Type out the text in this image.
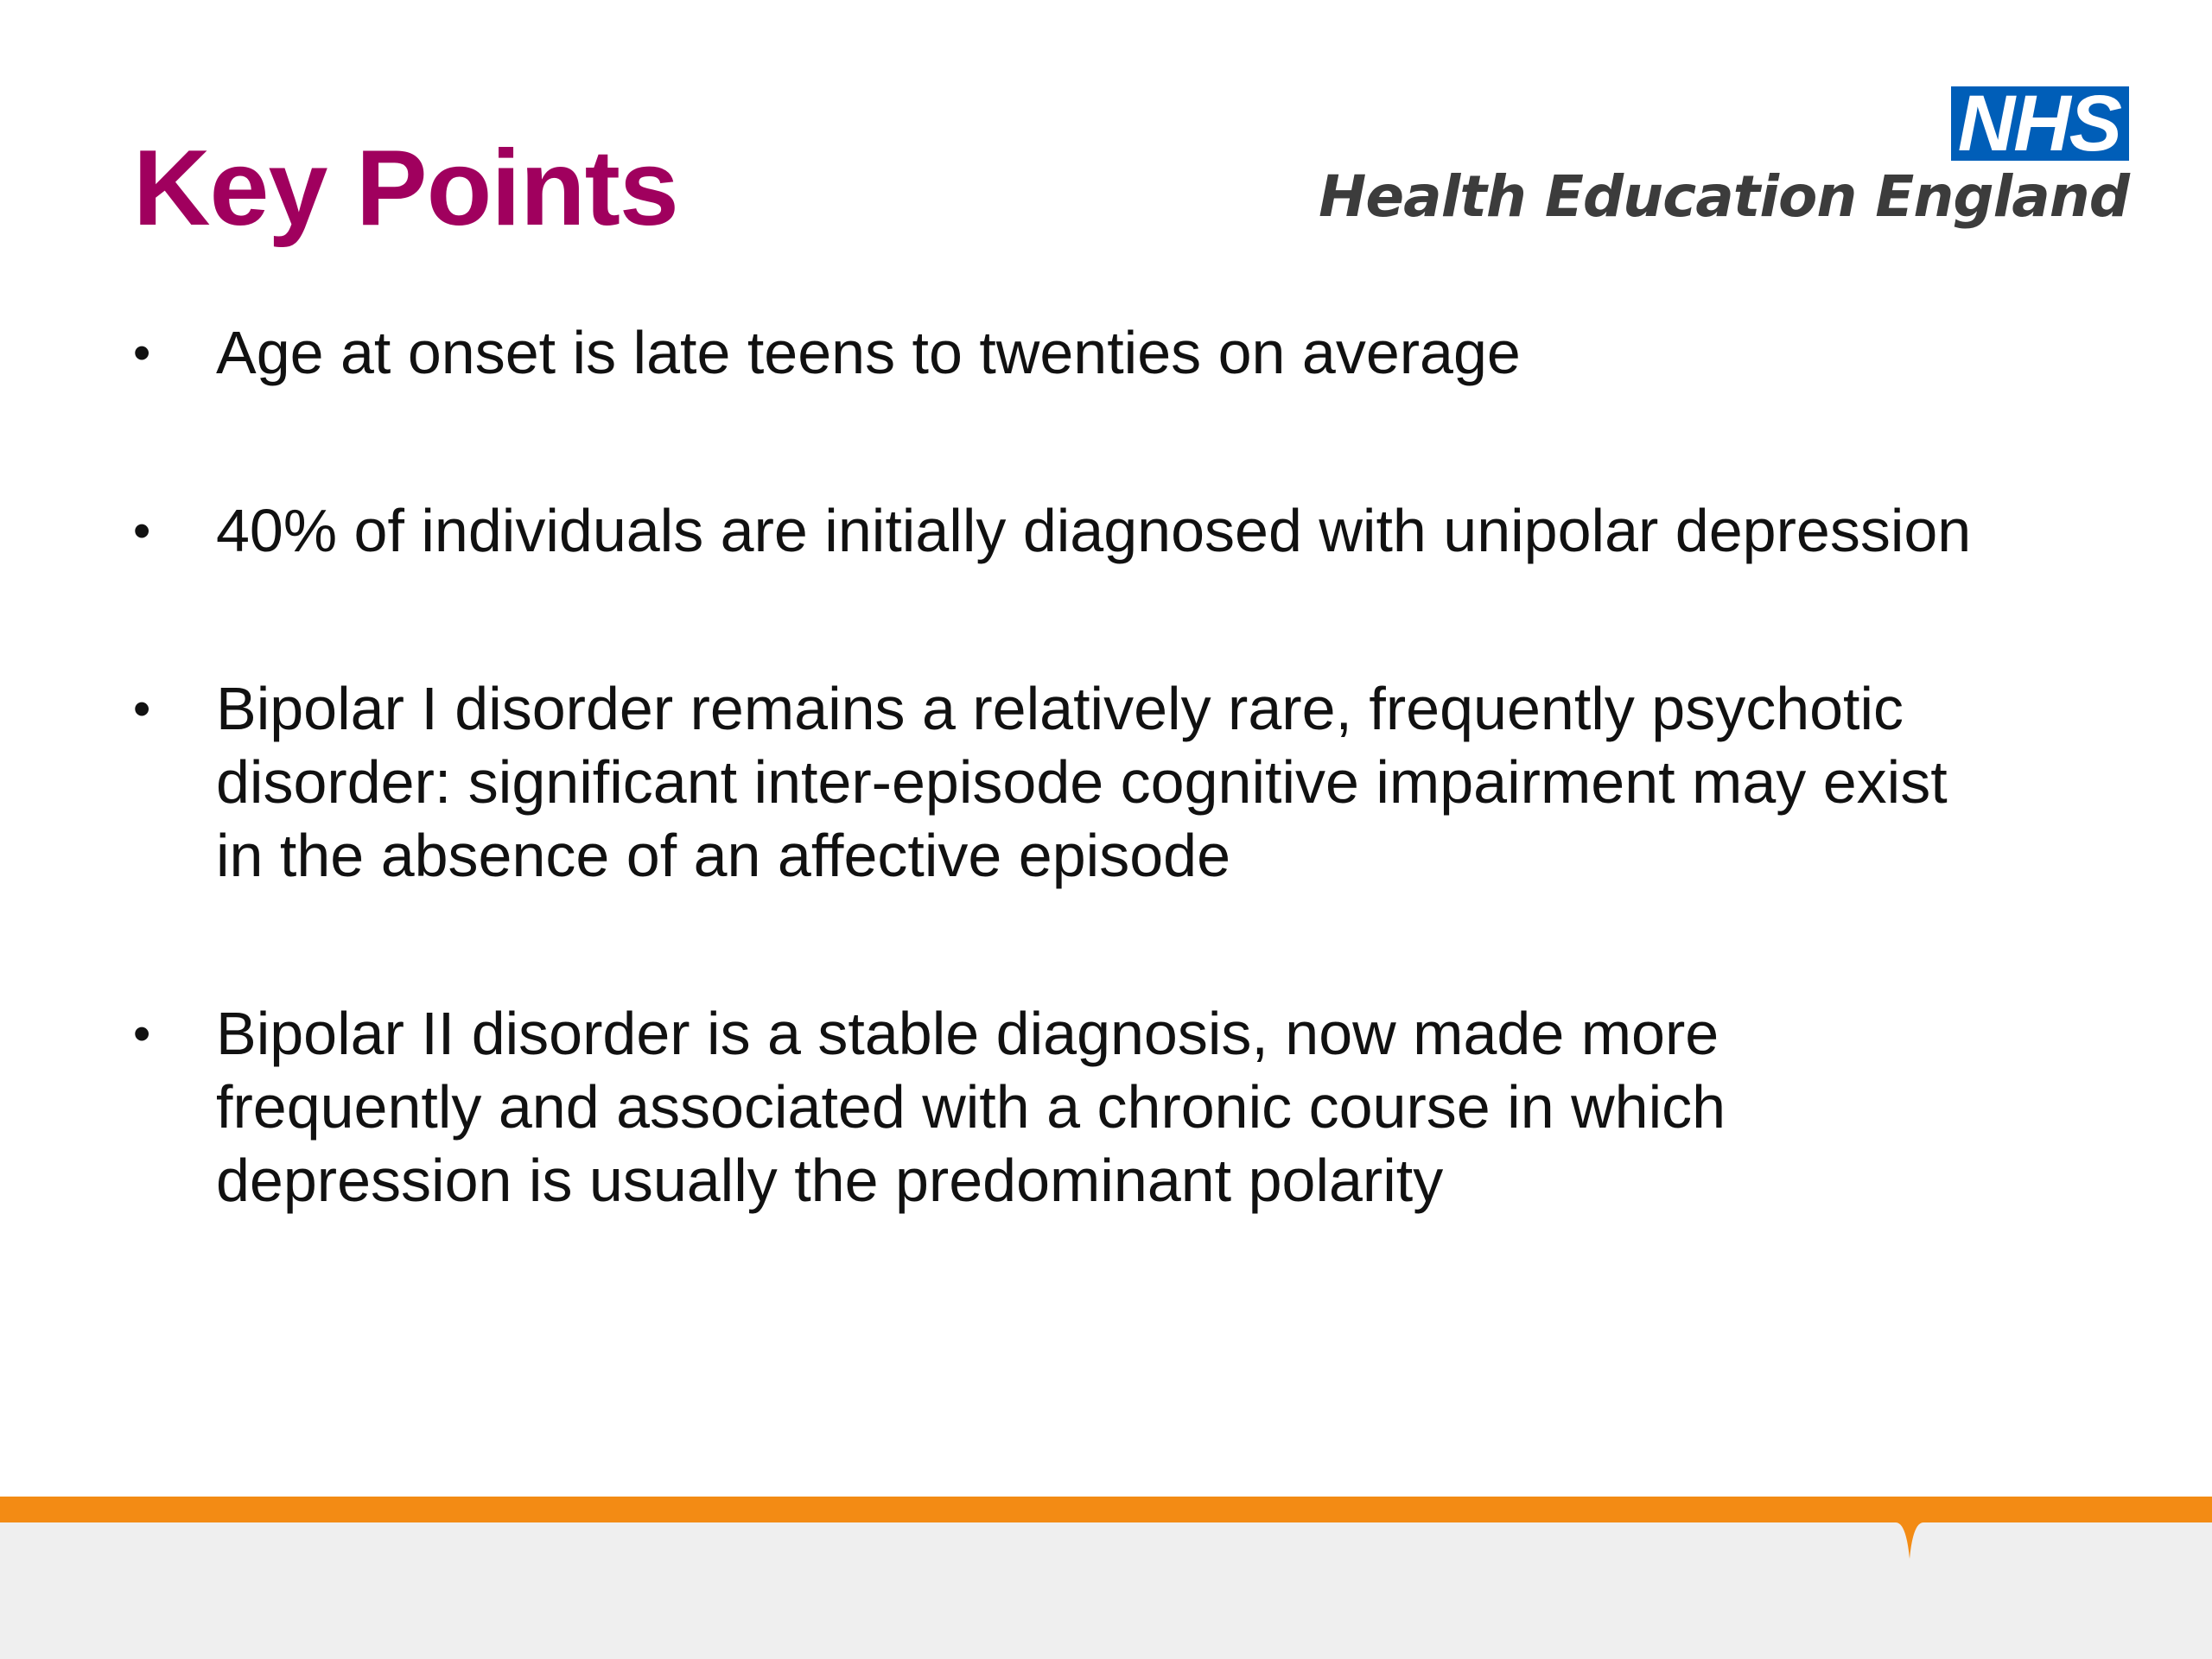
Key Points
NHS
Health Education England
• Age at onset is late teens to twenties on average
• 40% of individuals are initially diagnosed with unipolar depression
• Bipolar I disorder remains a relatively rare, frequently psychotic disorder: significant inter-episode cognitive impairment may exist in the absence of an affective episode
• Bipolar II disorder is a stable diagnosis, now made more frequently and associated with a chronic course in which depression is usually the predominant polarity
